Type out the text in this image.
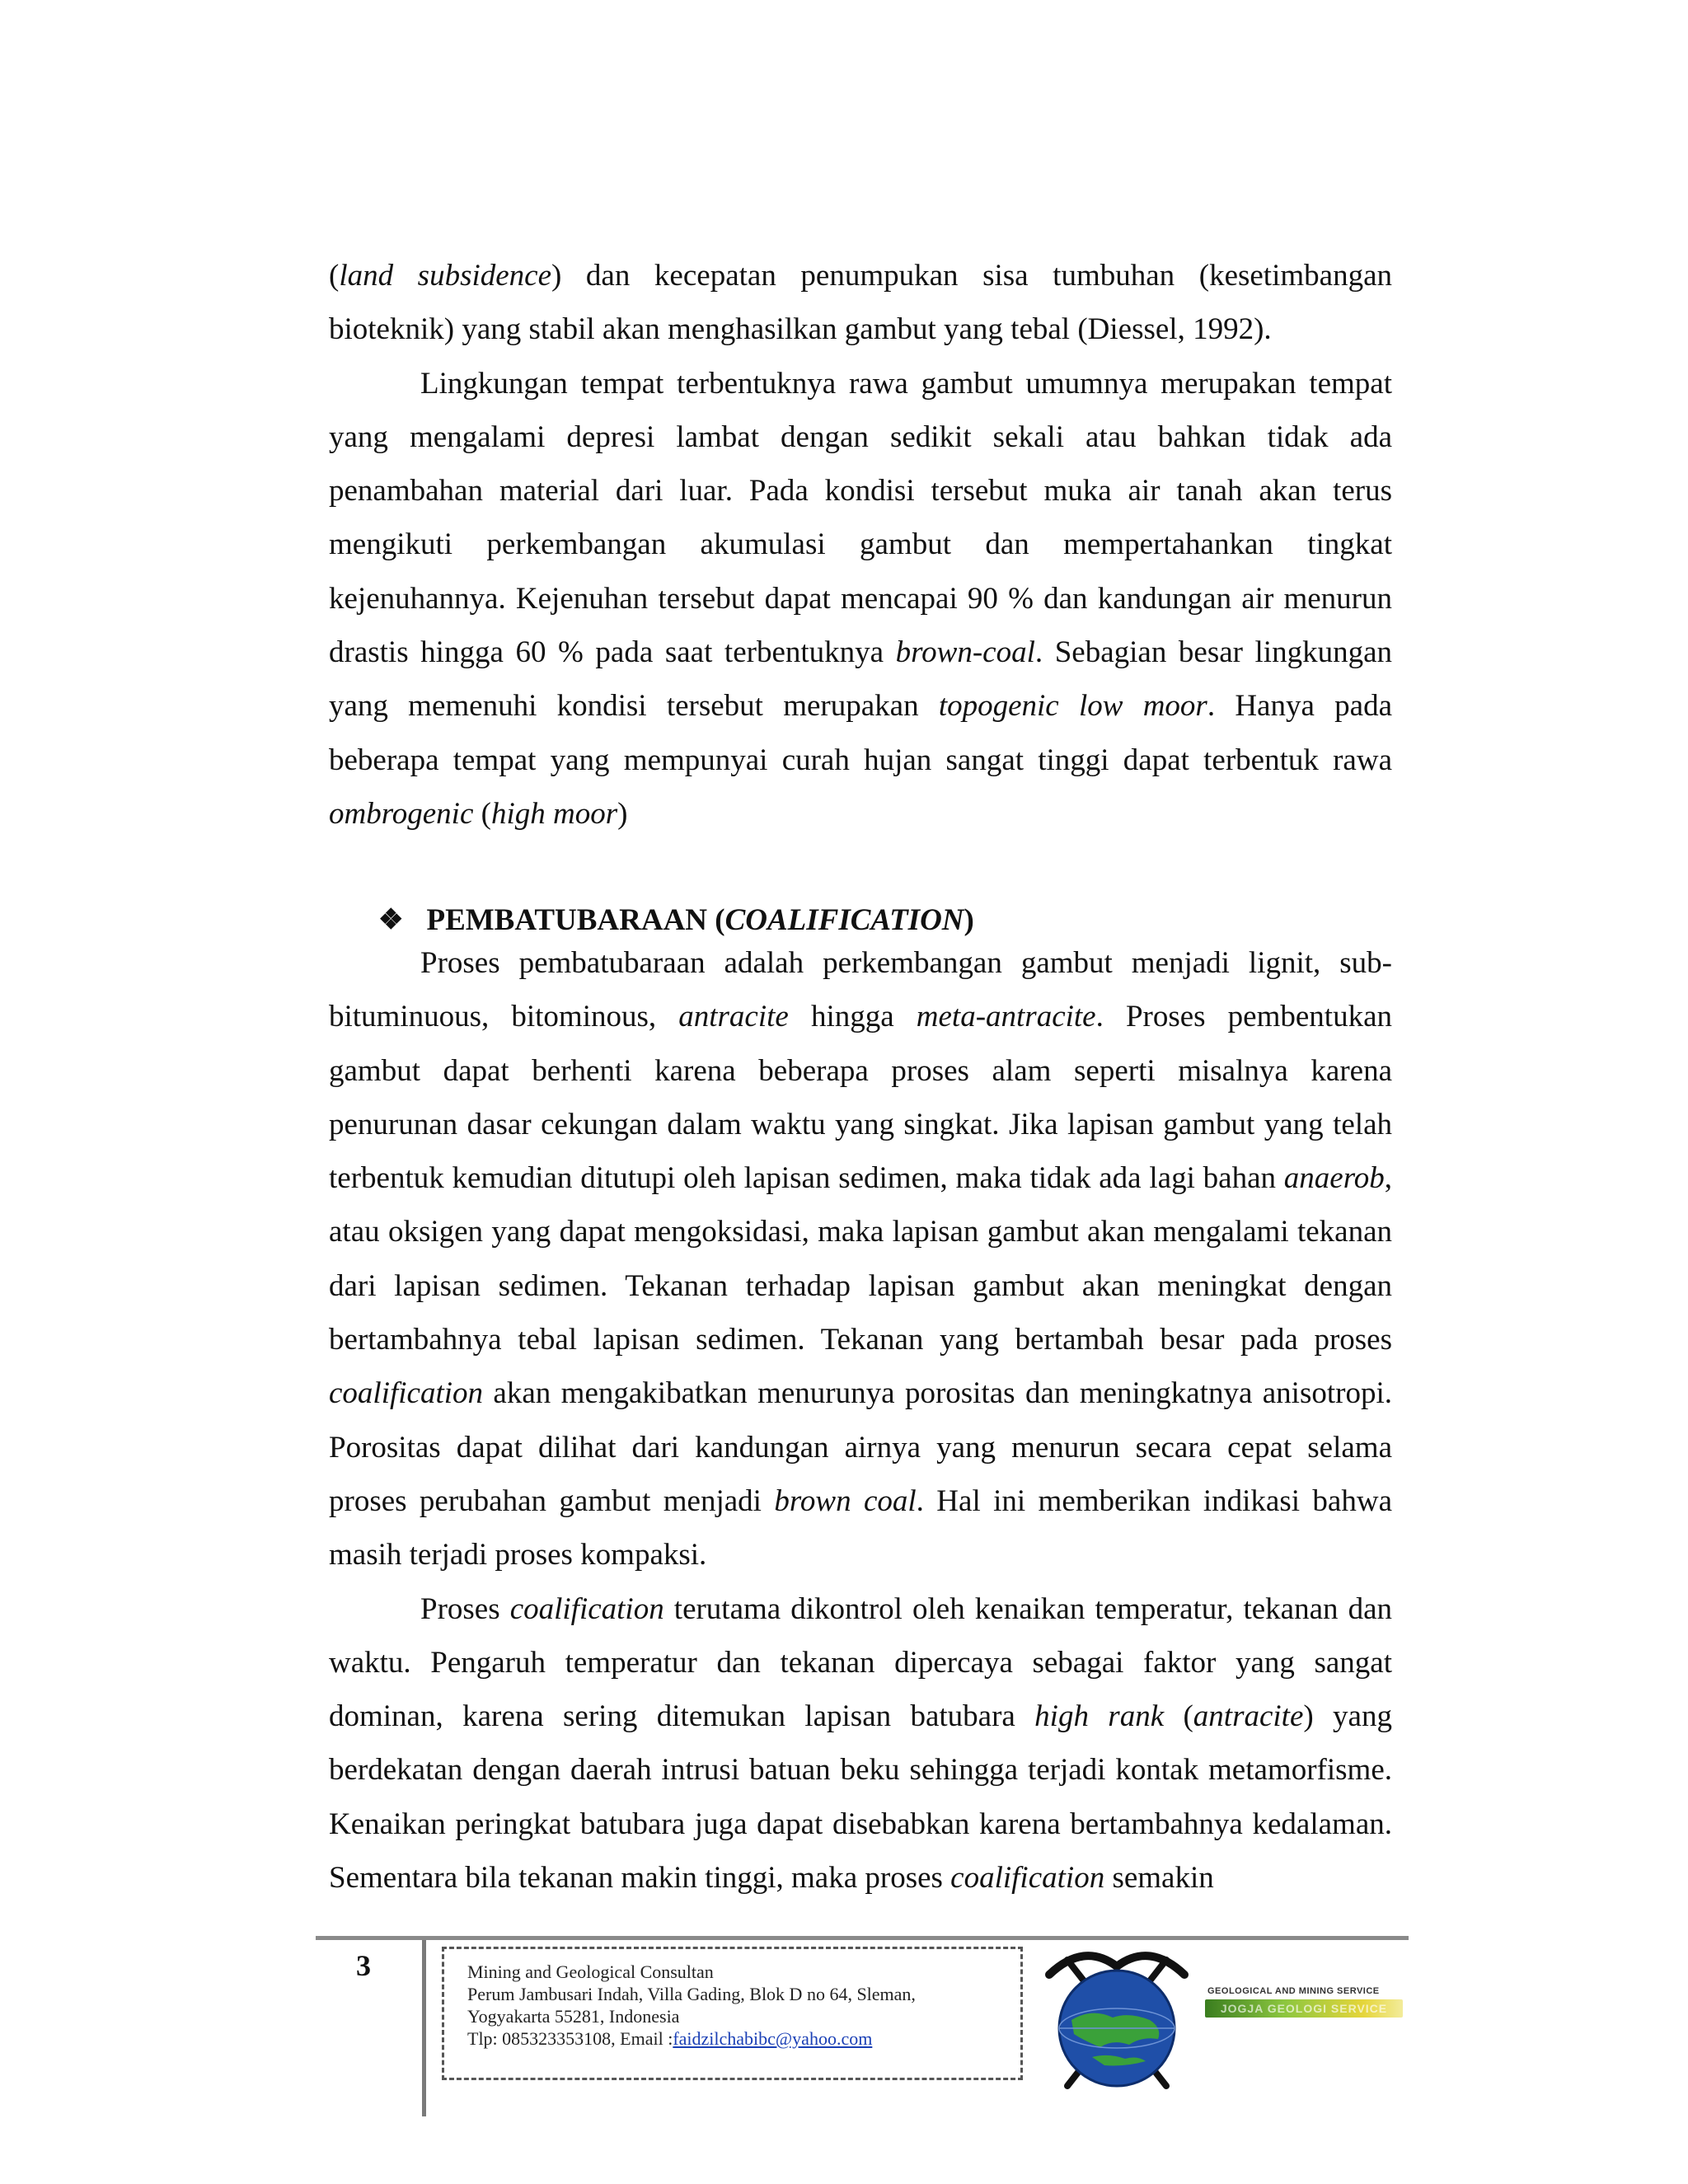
(land subsidence) dan kecepatan penumpukan sisa tumbuhan (kesetimbangan bioteknik) yang stabil akan menghasilkan gambut yang tebal (Diessel, 1992).

Lingkungan tempat terbentuknya rawa gambut umumnya merupakan tempat yang mengalami depresi lambat dengan sedikit sekali atau bahkan tidak ada penambahan material dari luar. Pada kondisi tersebut muka air tanah akan terus mengikuti perkembangan akumulasi gambut dan mempertahankan tingkat kejenuhannya. Kejenuhan tersebut dapat mencapai 90 % dan kandungan air menurun drastis hingga 60 % pada saat terbentuknya brown-coal. Sebagian besar lingkungan yang memenuhi kondisi tersebut merupakan topogenic low moor. Hanya pada beberapa tempat yang mempunyai curah hujan sangat tinggi dapat terbentuk rawa ombrogenic (high moor)

❖ PEMBATUBARAAN (COALIFICATION)

Proses pembatubaraan adalah perkembangan gambut menjadi lignit, sub-bituminuous, bitominous, antracite hingga meta-antracite. Proses pembentukan gambut dapat berhenti karena beberapa proses alam seperti misalnya karena penurunan dasar cekungan dalam waktu yang singkat. Jika lapisan gambut yang telah terbentuk kemudian ditutupi oleh lapisan sedimen, maka tidak ada lagi bahan anaerob, atau oksigen yang dapat mengoksidasi, maka lapisan gambut akan mengalami tekanan dari lapisan sedimen. Tekanan terhadap lapisan gambut akan meningkat dengan bertambahnya tebal lapisan sedimen. Tekanan yang bertambah besar pada proses coalification akan mengakibatkan menurunya porositas dan meningkatnya anisotropi. Porositas dapat dilihat dari kandungan airnya yang menurun secara cepat selama proses perubahan gambut menjadi brown coal. Hal ini memberikan indikasi bahwa masih terjadi proses kompaksi.

Proses coalification terutama dikontrol oleh kenaikan temperatur, tekanan dan waktu. Pengaruh temperatur dan tekanan dipercaya sebagai faktor yang sangat dominan, karena sering ditemukan lapisan batubara high rank (antracite) yang berdekatan dengan daerah intrusi batuan beku sehingga terjadi kontak metamorfisme. Kenaikan peringkat batubara juga dapat disebabkan karena bertambahnya kedalaman. Sementara bila tekanan makin tinggi, maka proses coalification semakin

3	Mining and Geological Consultan
Perum Jambusari Indah, Villa Gading, Blok D no 64, Sleman,
Yogyakarta 55281, Indonesia
Tlp: 085323353108, Email :faidzilchabibc@yahoo.com
GEOLOGICAL AND MINING SERVICE
JOGJA GEOLOGI SERVICE
